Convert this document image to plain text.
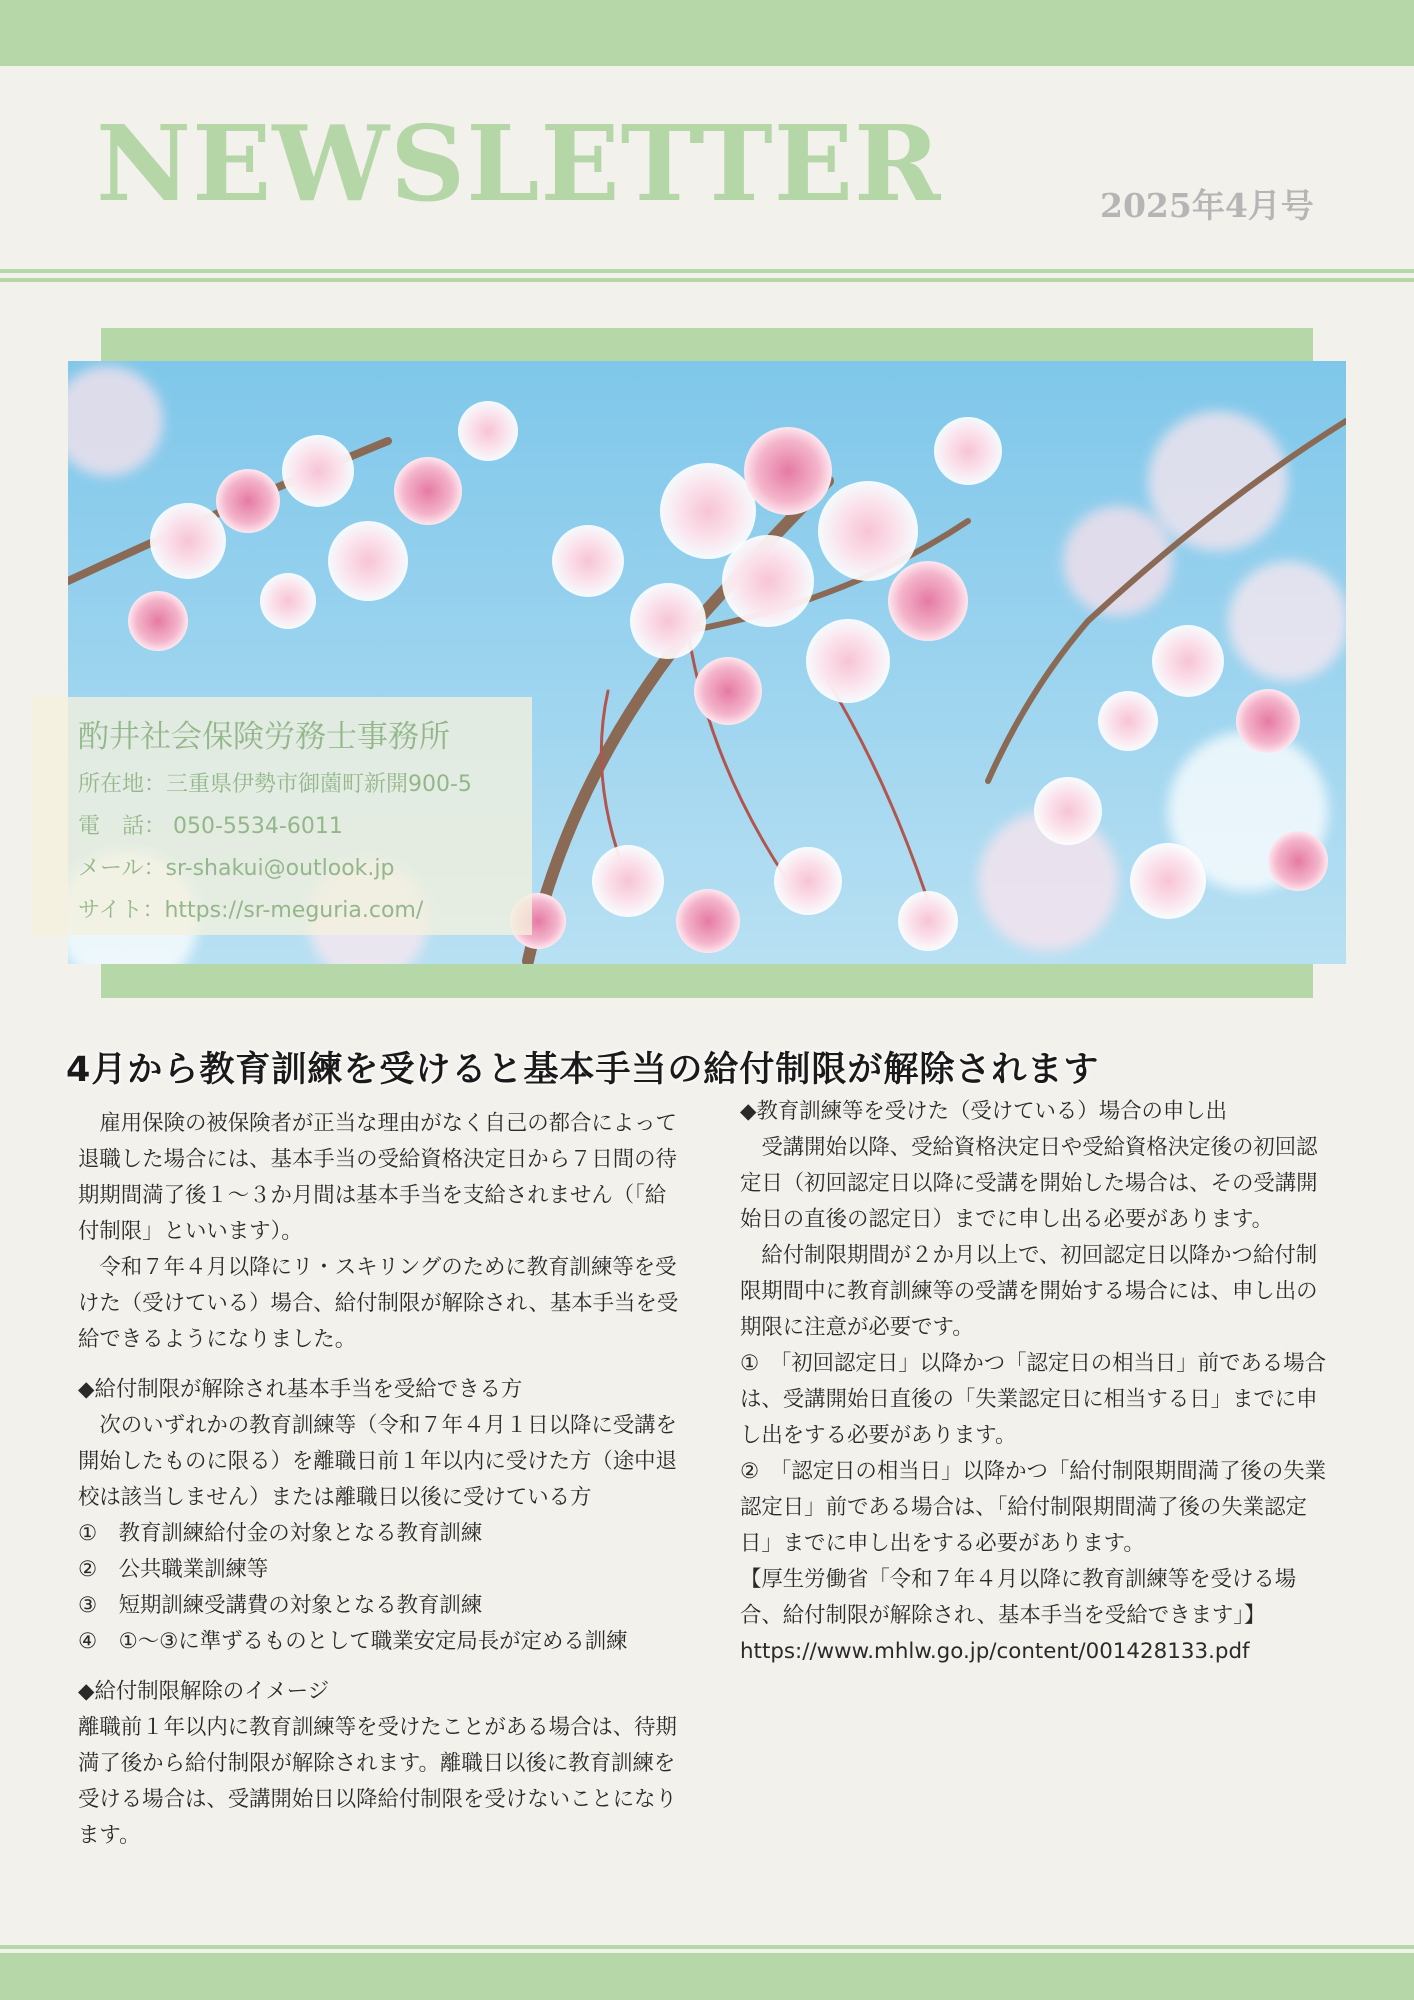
NEWSLETTER	2025年4月号
酌井社会保険労務士事務所
所在地：三重県伊勢市御薗町新開900-5
電　話： 050-5534-6011
メール：sr-shakui@outlook.jp
サイト：https://sr-meguria.com/
4月から教育訓練を受けると基本手当の給付制限が解除されます

　雇用保険の被保険者が正当な理由がなく自己の都合によって退職した場合には、基本手当の受給資格決定日から７日間の待期期間満了後１～３か月間は基本手当を支給されません（「給付制限」といいます）。

　令和７年４月以降にリ・スキリングのために教育訓練等を受けた（受けている）場合、給付制限が解除され、基本手当を受給できるようになりました。

◆給付制限が解除され基本手当を受給できる方

　次のいずれかの教育訓練等（令和７年４月１日以降に受講を開始したものに限る）を離職日前１年以内に受けた方（途中退校は該当しません）または離職日以後に受けている方

①　教育訓練給付金の対象となる教育訓練

②　公共職業訓練等

③　短期訓練受講費の対象となる教育訓練

④　①～③に準ずるものとして職業安定局長が定める訓練

◆給付制限解除のイメージ

離職前１年以内に教育訓練等を受けたことがある場合は、待期満了後から給付制限が解除されます。離職日以後に教育訓練を受ける場合は、受講開始日以降給付制限を受けないことになります。

◆教育訓練等を受けた（受けている）場合の申し出

　受講開始以降、受給資格決定日や受給資格決定後の初回認定日（初回認定日以降に受講を開始した場合は、その受講開始日の直後の認定日）までに申し出る必要があります。

　給付制限期間が２か月以上で、初回認定日以降かつ給付制限期間中に教育訓練等の受講を開始する場合には、申し出の期限に注意が必要です。

①　「初回認定日」以降かつ「認定日の相当日」前である場合は、受講開始日直後の「失業認定日に相当する日」までに申し出をする必要があります。

②　「認定日の相当日」以降かつ「給付制限期間満了後の失業認定日」前である場合は、「給付制限期間満了後の失業認定日」までに申し出をする必要があります。

【厚生労働省「令和７年４月以降に教育訓練等を受ける場合、給付制限が解除され、基本手当を受給できます」】

https://www.mhlw.go.jp/content/001428133.pdf
